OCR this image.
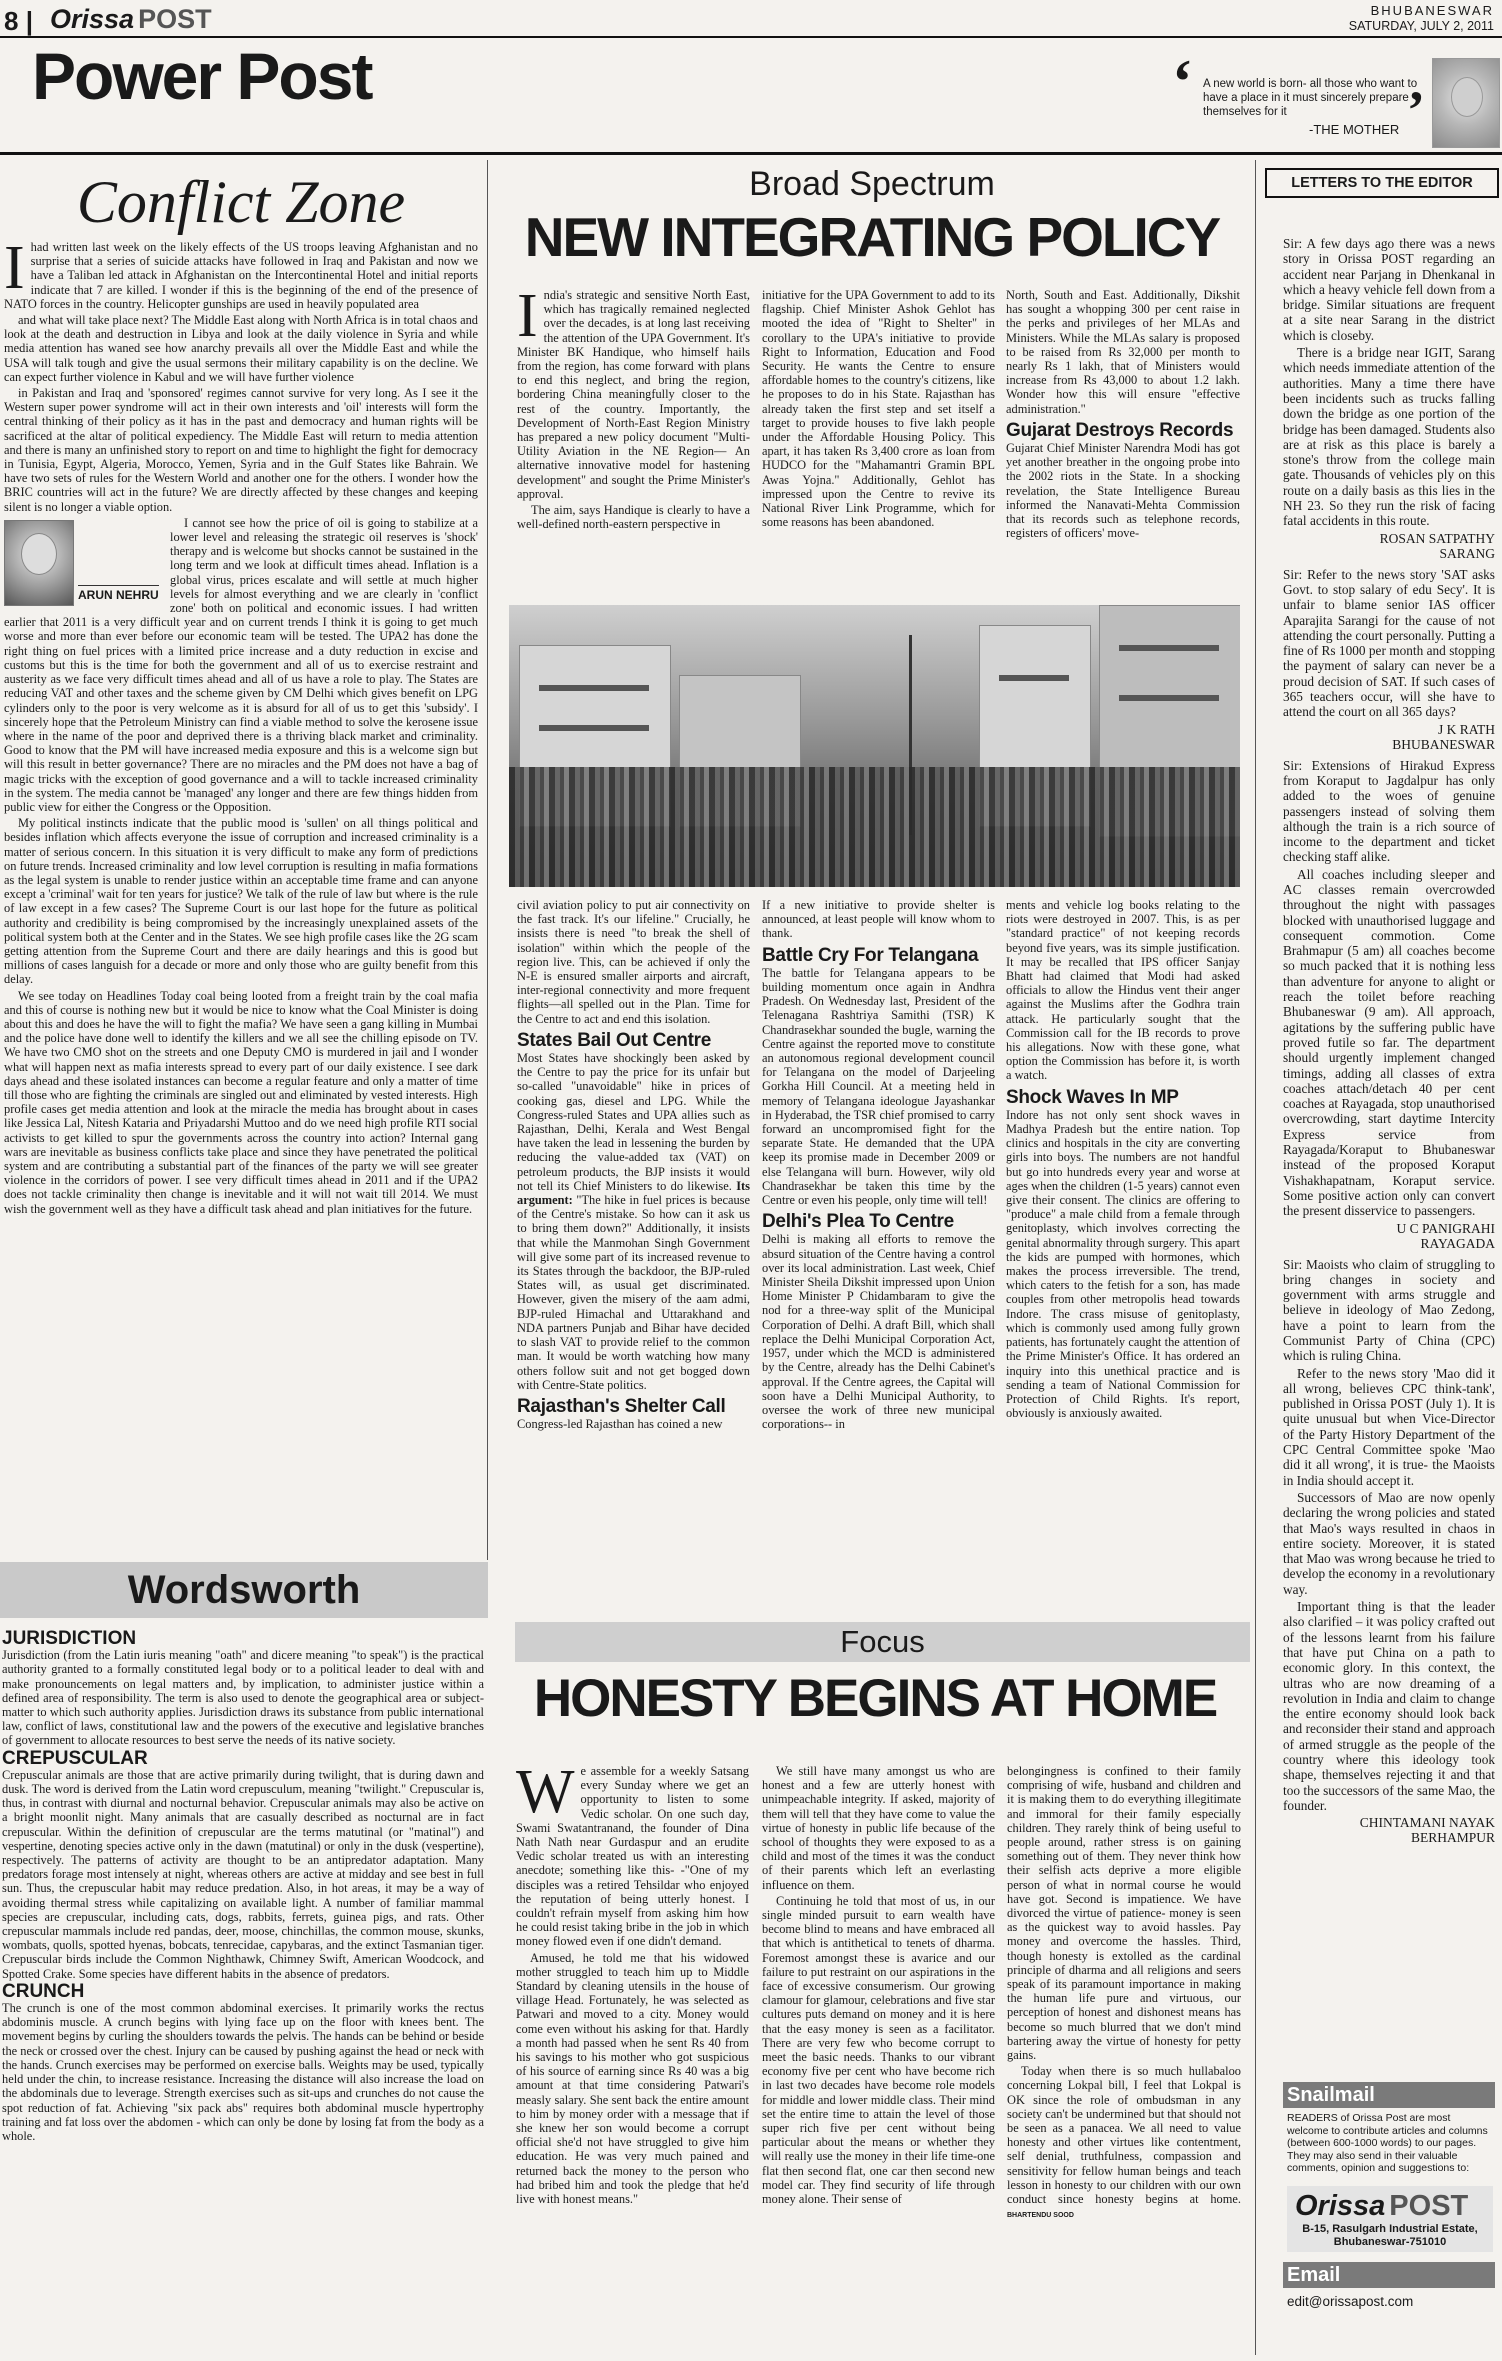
8 | Orissa POST	BHUBANESWAR
SATURDAY, JULY 2, 2011
Power Post	‘ A new world is born- all those who want to have a place in it must sincerely prepare themselves for it	’
-THE MOTHER
Conflict Zone

Ihad written last week on the likely effects of the US troops leaving Afghanistan and no surprise that a series of suicide attacks have followed in Iraq and Pakistan and now we have a Taliban led attack in Afghanistan on the Intercontinental Hotel and initial reports indicate that 7 are killed. I wonder if this is the beginning of the end of the presence of NATO forces in the country. Helicopter gunships are used in heavily populated area

and what will take place next? The Middle East along with North Africa is in total chaos and look at the death and destruction in Libya and look at the daily violence in Syria and while media attention has waned see how anarchy prevails all over the Middle East and while the USA will talk tough and give the usual sermons their military capability is on the decline. We can expect further violence in Kabul and we will have further violence

in Pakistan and Iraq and 'sponsored' regimes cannot survive for very long. As I see it the Western super power syndrome will act in their own interests and 'oil' interests will form the central thinking of their policy as it has in the past and democracy and human rights will be sacrificed at the altar of political expediency. The Middle East will return to media attention and there is many an unfinished story to report on and time to highlight the fight for democracy in Tunisia, Egypt, Algeria, Morocco, Yemen, Syria and in the Gulf States like Bahrain. We have two sets of rules for the Western World and another one for the others. I wonder how the BRIC countries will act in the future? We are directly affected by these changes and keeping silent is no longer a viable option.

ARUN NEHRU

I cannot see how the price of oil is going to stabilize at a lower level and releasing the strategic oil reserves is 'shock' therapy and is welcome but shocks cannot be sustained in the long term and we look at difficult times ahead. Inflation is a global virus, prices escalate and will settle at much higher levels for almost everything and we are clearly in 'conflict zone' both on political and economic issues. I had written earlier that 2011 is a very difficult year and on current trends I think it is going to get much worse and more than ever before our economic team will be tested. The UPA2 has done the right thing on fuel prices with a limited price increase and a duty reduction in excise and customs but this is the time for both the government and all of us to exercise restraint and austerity as we face very difficult times ahead and all of us have a role to play. The States are reducing VAT and other taxes and the scheme given by CM Delhi which gives benefit on LPG cylinders only to the poor is very welcome as it is absurd for all of us to get this 'subsidy'. I sincerely hope that the Petroleum Ministry can find a viable method to solve the kerosene issue where in the name of the poor and deprived there is a thriving black market and criminality. Good to know that the PM will have increased media exposure and this is a welcome sign but will this result in better governance? There are no miracles and the PM does not have a bag of magic tricks with the exception of good governance and a will to tackle increased criminality in the system. The media cannot be 'managed' any longer and there are few things hidden from public view for either the Congress or the Opposition.

My political instincts indicate that the public mood is 'sullen' on all things political and besides inflation which affects everyone the issue of corruption and increased criminality is a matter of serious concern. In this situation it is very difficult to make any form of predictions on future trends. Increased criminality and low level corruption is resulting in mafia formations as the legal system is unable to render justice within an acceptable time frame and can anyone except a 'criminal' wait for ten years for justice? We talk of the rule of law but where is the rule of law except in a few cases? The Supreme Court is our last hope for the future as political authority and credibility is being compromised by the increasingly unexplained assets of the political system both at the Center and in the States. We see high profile cases like the 2G scam getting attention from the Supreme Court and there are daily hearings and this is good but millions of cases languish for a decade or more and only those who are guilty benefit from this delay.

We see today on Headlines Today coal being looted from a freight train by the coal mafia and this of course is nothing new but it would be nice to know what the Coal Minister is doing about this and does he have the will to fight the mafia? We have seen a gang killing in Mumbai and the police have done well to identify the killers and we all see the chilling episode on TV. We have two CMO shot on the streets and one Deputy CMO is murdered in jail and I wonder what will happen next as mafia interests spread to every part of our daily existence. I see dark days ahead and these isolated instances can become a regular feature and only a matter of time till those who are fighting the criminals are singled out and eliminated by vested interests. High profile cases get media attention and look at the miracle the media has brought about in cases like Jessica Lal, Nitesh Kataria and Priyadarshi Muttoo and do we need high profile RTI social activists to get killed to spur the governments across the country into action? Internal gang wars are inevitable as business conflicts take place and since they have penetrated the political system and are contributing a substantial part of the finances of the party we will see greater violence in the corridors of power. I see very difficult times ahead in 2011 and if the UPA2 does not tackle criminality then change is inevitable and it will not wait till 2014. We must wish the government well as they have a difficult task ahead and plan initiatives for the future.

Wordsworth
JURISDICTION

Jurisdiction (from the Latin iuris meaning "oath" and dicere meaning "to speak") is the practical authority granted to a formally constituted legal body or to a political leader to deal with and make pronouncements on legal matters and, by implication, to administer justice within a defined area of responsibility. The term is also used to denote the geographical area or subject-matter to which such authority applies. Jurisdiction draws its substance from public international law, conflict of laws, constitutional law and the powers of the executive and legislative branches of government to allocate resources to best serve the needs of its native society.

CREPUSCULAR

Crepuscular animals are those that are active primarily during twilight, that is during dawn and dusk. The word is derived from the Latin word crepusculum, meaning "twilight." Crepuscular is, thus, in contrast with diurnal and nocturnal behavior. Crepuscular animals may also be active on a bright moonlit night. Many animals that are casually described as nocturnal are in fact crepuscular. Within the definition of crepuscular are the terms matutinal (or "matinal") and vespertine, denoting species active only in the dawn (matutinal) or only in the dusk (vespertine), respectively. The patterns of activity are thought to be an antipredator adaptation. Many predators forage most intensely at night, whereas others are active at midday and see best in full sun. Thus, the crepuscular habit may reduce predation. Also, in hot areas, it may be a way of avoiding thermal stress while capitalizing on available light. A number of familiar mammal species are crepuscular, including cats, dogs, rabbits, ferrets, guinea pigs, and rats. Other crepuscular mammals include red pandas, deer, moose, chinchillas, the common mouse, skunks, wombats, quolls, spotted hyenas, bobcats, tenrecidae, capybaras, and the extinct Tasmanian tiger. Crepuscular birds include the Common Nighthawk, Chimney Swift, American Woodcock, and Spotted Crake. Some species have different habits in the absence of predators.

CRUNCH

The crunch is one of the most common abdominal exercises. It primarily works the rectus abdominis muscle. A crunch begins with lying face up on the floor with knees bent. The movement begins by curling the shoulders towards the pelvis. The hands can be behind or beside the neck or crossed over the chest. Injury can be caused by pushing against the head or neck with the hands. Crunch exercises may be performed on exercise balls. Weights may be used, typically held under the chin, to increase resistance. Increasing the distance will also increase the load on the abdominals due to leverage. Strength exercises such as sit-ups and crunches do not cause the spot reduction of fat. Achieving "six pack abs" requires both abdominal muscle hypertrophy training and fat loss over the abdomen - which can only be done by losing fat from the body as a whole.

Broad Spectrum
NEW INTEGRATING POLICY

India's strategic and sensitive North East, which has tragically remained neglected over the decades, is at long last receiving the attention of the UPA Government. It's Minister BK Handique, who himself hails from the region, has come forward with plans to end this neglect, and bring the region, bordering China meaningfully closer to the rest of the country. Importantly, the Development of North-East Region Ministry has prepared a new policy document "Multi-Utility Aviation in the NE Region— An alternative innovative model for hastening development" and sought the Prime Minister's approval.

The aim, says Handique is clearly to have a well-defined north-eastern perspective in

initiative for the UPA Government to add to its flagship. Chief Minister Ashok Gehlot has mooted the idea of "Right to Shelter" in corollary to the UPA's initiative to provide Right to Information, Education and Food Security. He wants the Centre to ensure affordable homes to the country's citizens, like he proposes to do in his State. Rajasthan has already taken the first step and set itself a target to provide houses to five lakh people under the Affordable Housing Policy. This apart, it has taken Rs 3,400 crore as loan from HUDCO for the "Mahamantri Gramin BPL Awas Yojna." Additionally, Gehlot has impressed upon the Centre to revive its National River Link Programme, which for some reasons has been abandoned.

North, South and East. Additionally, Dikshit has sought a whopping 300 per cent raise in the perks and privileges of her MLAs and Ministers. While the MLAs salary is proposed to be raised from Rs 32,000 per month to nearly Rs 1 lakh, that of Ministers would increase from Rs 43,000 to about 1.2 lakh. Wonder how this will ensure "effective administration."

Gujarat Destroys Records

Gujarat Chief Minister Narendra Modi has got yet another breather in the ongoing probe into the 2002 riots in the State. In a shocking revelation, the State Intelligence Bureau informed the Nanavati-Mehta Commission that its records such as telephone records, registers of officers' move-

civil aviation policy to put air connectivity on the fast track. It's our lifeline." Crucially, he insists there is need "to break the shell of isolation" within which the people of the region live. This, can be achieved if only the N-E is ensured smaller airports and aircraft, inter-regional connectivity and more frequent flights—all spelled out in the Plan. Time for the Centre to act and end this isolation.

States Bail Out Centre

Most States have shockingly been asked by the Centre to pay the price for its unfair but so-called "unavoidable" hike in prices of cooking gas, diesel and LPG. While the Congress-ruled States and UPA allies such as Rajasthan, Delhi, Kerala and West Bengal have taken the lead in lessening the burden by reducing the value-added tax (VAT) on petroleum products, the BJP insists it would not tell its Chief Ministers to do likewise. Its argument: "The hike in fuel prices is because of the Centre's mistake. So how can it ask us to bring them down?" Additionally, it insists that while the Manmohan Singh Government will give some part of its increased revenue to its States through the backdoor, the BJP-ruled States will, as usual get discriminated. However, given the misery of the aam admi, BJP-ruled Himachal and Uttarakhand and NDA partners Punjab and Bihar have decided to slash VAT to provide relief to the common man. It would be worth watching how many others follow suit and not get bogged down with Centre-State politics.

Rajasthan's Shelter Call

Congress-led Rajasthan has coined a new

If a new initiative to provide shelter is announced, at least people will know whom to thank.

Battle Cry For Telangana

The battle for Telangana appears to be building momentum once again in Andhra Pradesh. On Wednesday last, President of the Telenagana Rashtriya Samithi (TSR) K Chandrasekhar sounded the bugle, warning the Centre against the reported move to constitute an autonomous regional development council for Telangana on the model of Darjeeling Gorkha Hill Council. At a meeting held in memory of Telangana ideologue Jayashankar in Hyderabad, the TSR chief promised to carry forward an uncompromised fight for the separate State. He demanded that the UPA keep its promise made in December 2009 or else Telangana will burn. However, wily old Chandrasekhar be taken this time by the Centre or even his people, only time will tell!

Delhi's Plea To Centre

Delhi is making all efforts to remove the absurd situation of the Centre having a control over its local administration. Last week, Chief Minister Sheila Dikshit impressed upon Union Home Minister P Chidambaram to give the nod for a three-way split of the Municipal Corporation of Delhi. A draft Bill, which shall replace the Delhi Municipal Corporation Act, 1957, under which the MCD is administered by the Centre, already has the Delhi Cabinet's approval. If the Centre agrees, the Capital will soon have a Delhi Municipal Authority, to oversee the work of three new municipal corporations-- in

ments and vehicle log books relating to the riots were destroyed in 2007. This, is as per "standard practice" of not keeping records beyond five years, was its simple justification. It may be recalled that IPS officer Sanjay Bhatt had claimed that Modi had asked officials to allow the Hindus vent their anger against the Muslims after the Godhra train attack. He particularly sought that the Commission call for the IB records to prove his allegations. Now with these gone, what option the Commission has before it, is worth a watch.

Shock Waves In MP

Indore has not only sent shock waves in Madhya Pradesh but the entire nation. Top clinics and hospitals in the city are converting girls into boys. The numbers are not handful but go into hundreds every year and worse at ages when the children (1-5 years) cannot even give their consent. The clinics are offering to "produce" a male child from a female through genitoplasty, which involves correcting the genital abnormality through surgery. This apart the kids are pumped with hormones, which makes the process irreversible. The trend, which caters to the fetish for a son, has made couples from other metropolis head towards Indore. The crass misuse of genitoplasty, which is commonly used among fully grown patients, has fortunately caught the attention of the Prime Minister's Office. It has ordered an inquiry into this unethical practice and is sending a team of National Commission for Protection of Child Rights. It's report, obviously is anxiously awaited.

Focus
HONESTY BEGINS AT HOME

We assemble for a weekly Satsang every Sunday where we get an opportunity to listen to some Vedic scholar. On one such day, Swami Swatantranand, the founder of Dina Nath Nath near Gurdaspur and an erudite Vedic scholar treated us with an interesting anecdote; something like this- -"One of my disciples was a retired Tehsildar who enjoyed the reputation of being utterly honest. I couldn't refrain myself from asking him how he could resist taking bribe in the job in which money flowed even if one didn't demand.

Amused, he told me that his widowed mother struggled to teach him up to Middle Standard by cleaning utensils in the house of village Head. Fortunately, he was selected as Patwari and moved to a city. Money would come even without his asking for that. Hardly a month had passed when he sent Rs 40 from his savings to his mother who got suspicious of his source of earning since Rs 40 was a big amount at that time considering Patwari's measly salary. She sent back the entire amount to him by money order with a message that if she knew her son would become a corrupt official she'd not have struggled to give him education. He was very much pained and returned back the money to the person who had bribed him and took the pledge that he'd live with honest means."

We still have many amongst us who are honest and a few are utterly honest with unimpeachable integrity. If asked, majority of them will tell that they have come to value the virtue of honesty in public life because of the school of thoughts they were exposed to as a child and most of the times it was the conduct of their parents which left an everlasting influence on them.

Continuing he told that most of us, in our single minded pursuit to earn wealth have become blind to means and have embraced all that which is antithetical to tenets of dharma. Foremost amongst these is avarice and our failure to put restraint on our aspirations in the face of excessive consumerism. Our growing clamour for glamour, celebrations and five star cultures puts demand on money and it is here that the easy money is seen as a facilitator. There are very few who become corrupt to meet the basic needs. Thanks to our vibrant economy five per cent who have become rich in last two decades have become role models for middle and lower middle class. Their mind set the entire time to attain the level of those super rich five per cent without being particular about the means or whether they will really use the money in their life time-one flat then second flat, one car then second new model car. They find security of life through money alone. Their sense of

belongingness is confined to their family comprising of wife, husband and children and it is making them to do everything illegitimate and immoral for their family especially children. They rarely think of being useful to people around, rather stress is on gaining something out of them. They never think how their selfish acts deprive a more eligible person of what in normal course he would have got. Second is impatience. We have divorced the virtue of patience- money is seen as the quickest way to avoid hassles. Pay money and overcome the hassles. Third, though honesty is extolled as the cardinal principle of dharma and all religions and seers speak of its paramount importance in making the human life pure and virtuous, our perception of honest and dishonest means has become so much blurred that we don't mind bartering away the virtue of honesty for petty gains.

Today when there is so much hullabaloo concerning Lokpal bill, I feel that Lokpal is OK since the role of ombudsman in any society can't be undermined but that should not be seen as a panacea. We all need to value honesty and other virtues like contentment, self denial, truthfulness, compassion and sensitivity for fellow human beings and teach lesson in honesty to our children with our own conduct since honesty begins at home. BHARTENDU SOOD

LETTERS TO THE EDITOR

Sir: A few days ago there was a news story in Orissa POST regarding an accident near Parjang in Dhenkanal in which a heavy vehicle fell down from a bridge. Similar situations are frequent at a site near Sarang in the district which is closeby.

There is a bridge near IGIT, Sarang which needs immediate attention of the authorities. Many a time there have been incidents such as trucks falling down the bridge as one portion of the bridge has been damaged. Students also are at risk as this place is barely a stone's throw from the college main gate. Thousands of vehicles ply on this route on a daily basis as this lies in the NH 23. So they run the risk of facing fatal accidents in this route.

ROSAN SATPATHY
SARANG

Sir: Refer to the news story 'SAT asks Govt. to stop salary of edu Secy'. It is unfair to blame senior IAS officer Aparajita Sarangi for the cause of not attending the court personally. Putting a fine of Rs 1000 per month and stopping the payment of salary can never be a proud decision of SAT. If such cases of 365 teachers occur, will she have to attend the court on all 365 days?

J K RATH
BHUBANESWAR

Sir: Extensions of Hirakud Express from Koraput to Jagdalpur has only added to the woes of genuine passengers instead of solving them although the train is a rich source of income to the department and ticket checking staff alike.

All coaches including sleeper and AC classes remain overcrowded throughout the night with passages blocked with unauthorised luggage and consequent commotion. Come Brahmapur (5 am) all coaches become so much packed that it is nothing less than adventure for anyone to alight or reach the toilet before reaching Bhubaneswar (9 am). All approach, agitations by the suffering public have proved futile so far. The department should urgently implement changed timings, adding all classes of extra coaches attach/detach 40 per cent coaches at Rayagada, stop unauthorised overcrowding, start daytime Intercity Express service from Rayagada/Koraput to Bhubaneswar instead of the proposed Koraput Vishakhapatnam, Koraput service. Some positive action only can convert the present disservice to passengers.

U C PANIGRAHI
RAYAGADA

Sir: Maoists who claim of struggling to bring changes in society and government with arms struggle and believe in ideology of Mao Zedong, have a point to learn from the Communist Party of China (CPC) which is ruling China.

Refer to the news story 'Mao did it all wrong, believes CPC think-tank', published in Orissa POST (July 1). It is quite unusual but when Vice-Director of the Party History Department of the CPC Central Committee spoke 'Mao did it all wrong', it is true- the Maoists in India should accept it.

Successors of Mao are now openly declaring the wrong policies and stated that Mao's ways resulted in chaos in entire society. Moreover, it is stated that Mao was wrong because he tried to develop the economy in a revolutionary way.

Important thing is that the leader also clarified – it was policy crafted out of the lessons learnt from his failure that have put China on a path to economic glory. In this context, the ultras who are now dreaming of a revolution in India and claim to change the entire economy should look back and reconsider their stand and approach of armed struggle as the people of the country where this ideology took shape, themselves rejecting it and that too the successors of the same Mao, the founder.

CHINTAMANI NAYAK
BERHAMPUR
Snailmail
READERS of Orissa Post are most welcome to contribute articles and columns (between 600-1000 words) to our pages. They may also send in their valuable comments, opinion and suggestions to:
Orissa POST
B-15, Rasulgarh Industrial Estate, Bhubaneswar-751010
Email
edit@orissapost.com
